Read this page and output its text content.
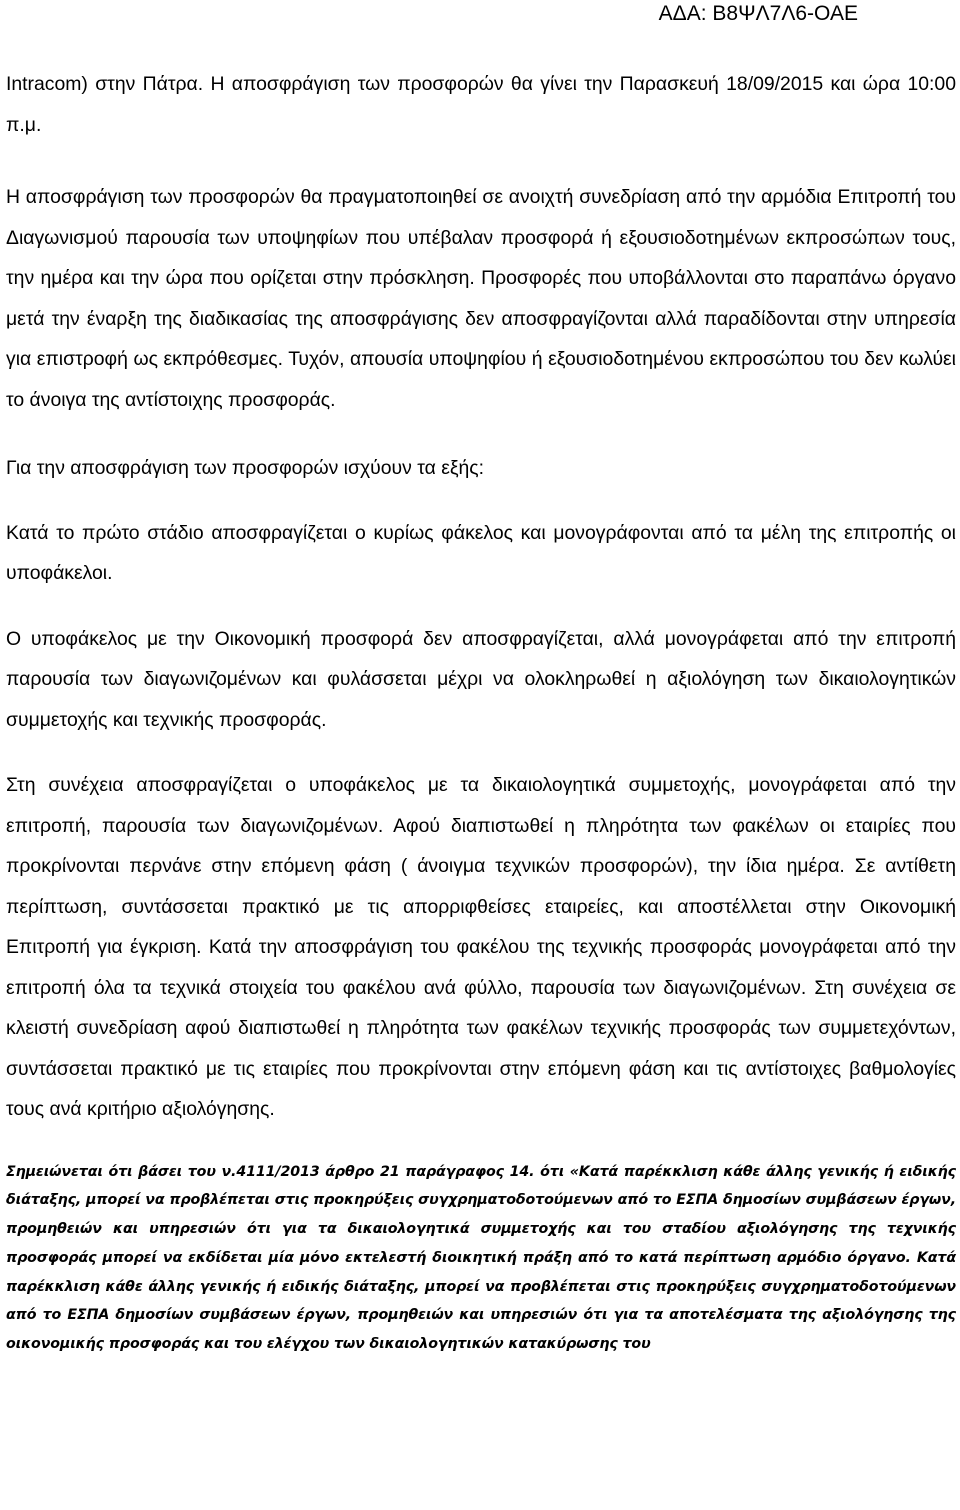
ΑΔΑ: Β8ΨΛ7Λ6-ΟΑΕ

Intracom) στην Πάτρα. Η αποσφράγιση των προσφορών θα γίνει την Παρασκευή 18/09/2015 και ώρα 10:00 π.μ.

Η αποσφράγιση των προσφορών θα πραγματοποιηθεί σε ανοιχτή συνεδρίαση από την αρμόδια Επιτροπή του Διαγωνισμού παρουσία των υποψηφίων που υπέβαλαν προσφορά ή εξουσιοδοτημένων εκπροσώπων τους, την ημέρα και την ώρα που ορίζεται στην πρόσκληση. Προσφορές που υποβάλλονται στο παραπάνω όργανο μετά την έναρξη της διαδικασίας της αποσφράγισης δεν αποσφραγίζονται αλλά παραδίδονται στην υπηρεσία για επιστροφή ως εκπρόθεσμες. Τυχόν, απουσία υποψηφίου ή εξουσιοδοτημένου εκπροσώπου του δεν κωλύει το άνοιγα της αντίστοιχης προσφοράς.

Για την αποσφράγιση των προσφορών ισχύουν τα εξής:

Κατά το πρώτο στάδιο αποσφραγίζεται ο κυρίως φάκελος και μονογράφονται από τα μέλη της επιτροπής οι υποφάκελοι.

Ο υποφάκελος με την Οικονομική προσφορά δεν αποσφραγίζεται, αλλά μονογράφεται από την επιτροπή παρουσία των διαγωνιζομένων και φυλάσσεται μέχρι να ολοκληρωθεί η αξιολόγηση των δικαιολογητικών συμμετοχής και τεχνικής προσφοράς.

Στη συνέχεια αποσφραγίζεται ο υποφάκελος με τα δικαιολογητικά συμμετοχής, μονογράφεται από την επιτροπή, παρουσία των διαγωνιζομένων. Αφού διαπιστωθεί η πληρότητα των φακέλων οι εταιρίες που προκρίνονται περνάνε στην επόμενη φάση ( άνοιγμα τεχνικών προσφορών), την ίδια ημέρα. Σε αντίθετη περίπτωση, συντάσσεται πρακτικό με τις απορριφθείσες εταιρείες, και αποστέλλεται στην Οικονομική Επιτροπή για έγκριση. Κατά την αποσφράγιση του φακέλου της τεχνικής προσφοράς μονογράφεται από την επιτροπή όλα τα τεχνικά στοιχεία του φακέλου ανά φύλλο, παρουσία των διαγωνιζομένων. Στη συνέχεια σε κλειστή συνεδρίαση αφού διαπιστωθεί η πληρότητα των φακέλων τεχνικής προσφοράς των συμμετεχόντων, συντάσσεται πρακτικό με τις εταιρίες που προκρίνονται στην επόμενη φάση και τις αντίστοιχες βαθμολογίες τους ανά κριτήριο αξιολόγησης.

Σημειώνεται ότι βάσει του ν.4111/2013 άρθρο 21 παράγραφος 14. ότι «Κατά παρέκκλιση κάθε άλλης γενικής ή ειδικής διάταξης, μπορεί να προβλέπεται στις προκηρύξεις συγχρηματοδοτούμενων από το ΕΣΠΑ δημοσίων συμβάσεων έργων, προμηθειών και υπηρεσιών ότι για τα δικαιολογητικά συμμετοχής και του σταδίου αξιολόγησης της τεχνικής προσφοράς μπορεί να εκδίδεται μία μόνο εκτελεστή διοικητική πράξη από το κατά περίπτωση αρμόδιο όργανο. Κατά παρέκκλιση κάθε άλλης γενικής ή ειδικής διάταξης, μπορεί να προβλέπεται στις προκηρύξεις συγχρηματοδοτούμενων από το ΕΣΠΑ δημοσίων συμβάσεων έργων, προμηθειών και υπηρεσιών ότι για τα αποτελέσματα της αξιολόγησης της οικονομικής προσφοράς και του ελέγχου των δικαιολογητικών κατακύρωσης του
